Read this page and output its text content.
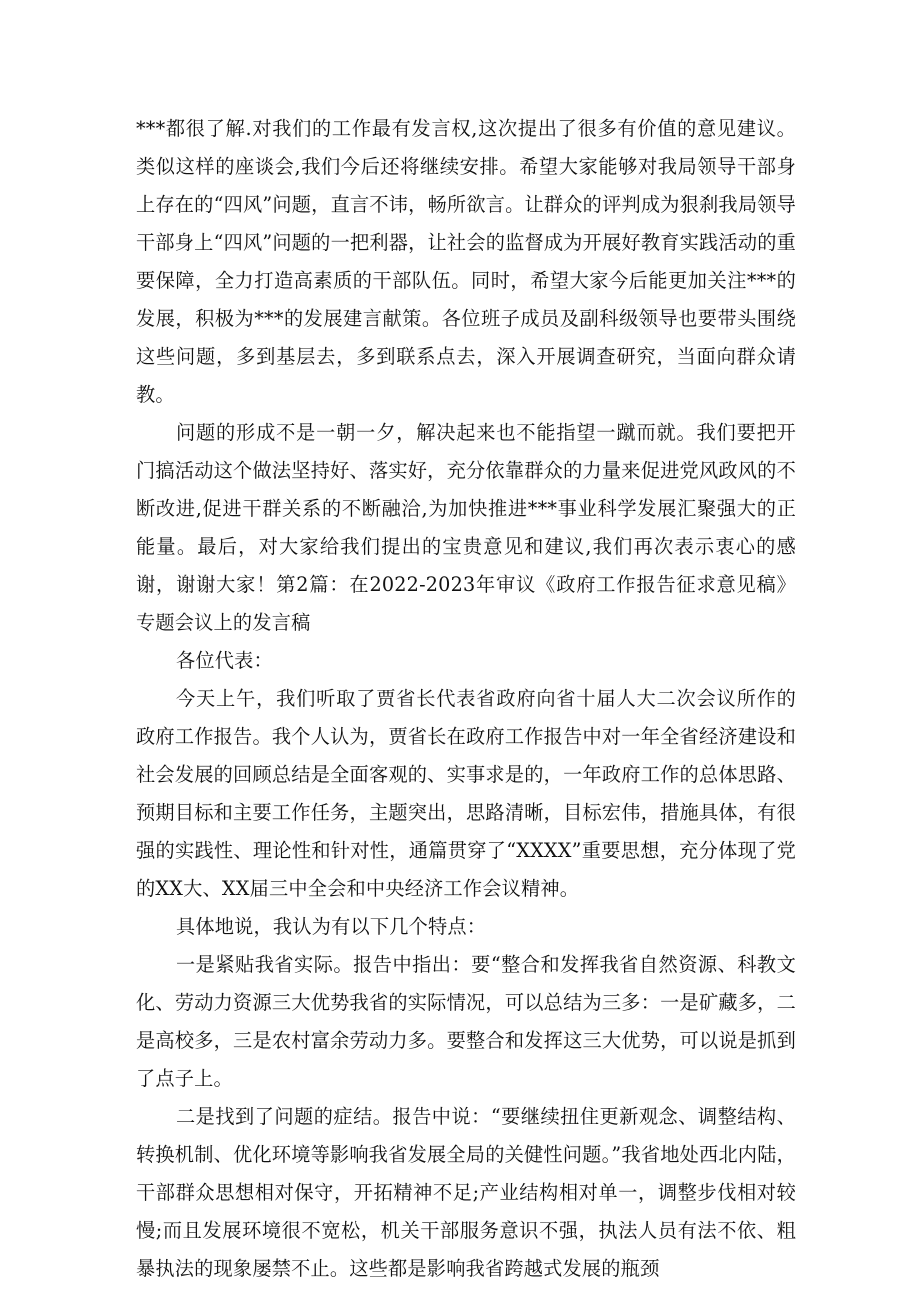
***都很了解.对我们的工作最有发言权,这次提出了很多有价值的意见建议。类似这样的座谈会,我们今后还将继续安排。希望大家能够对我局领导干部身上存在的“四风”问题，直言不讳，畅所欲言。让群众的评判成为狠刹我局领导干部身上“四风”问题的一把利器，让社会的监督成为开展好教育实践活动的重要保障，全力打造高素质的干部队伍。同时，希望大家今后能更加关注***的发展，积极为***的发展建言献策。各位班子成员及副科级领导也要带头围绕这些问题，多到基层去，多到联系点去，深入开展调查研究，当面向群众请教。

问题的形成不是一朝一夕，解决起来也不能指望一蹴而就。我们要把开门搞活动这个做法坚持好、落实好，充分依靠群众的力量来促进党风政风的不断改进,促进干群关系的不断融洽,为加快推进***事业科学发展汇聚强大的正能量。最后，对大家给我们提出的宝贵意见和建议,我们再次表示衷心的感谢，谢谢大家！第2篇：在2022-2023年审议《政府工作报告征求意见稿》专题会议上的发言稿

各位代表：

今天上午，我们听取了贾省长代表省政府向省十届人大二次会议所作的政府工作报告。我个人认为，贾省长在政府工作报告中对一年全省经济建设和社会发展的回顾总结是全面客观的、实事求是的，一年政府工作的总体思路、预期目标和主要工作任务，主题突出，思路清晰，目标宏伟，措施具体，有很强的实践性、理论性和针对性，通篇贯穿了“XXXX”重要思想，充分体现了党的XX大、XX届三中全会和中央经济工作会议精神。

具体地说，我认为有以下几个特点：

一是紧贴我省实际。报告中指出：要“整合和发挥我省自然资源、科教文化、劳动力资源三大优势我省的实际情况，可以总结为三多：一是矿藏多，二是高校多，三是农村富余劳动力多。要整合和发挥这三大优势，可以说是抓到了点子上。

二是找到了问题的症结。报告中说：“要继续扭住更新观念、调整结构、转换机制、优化环境等影响我省发展全局的关健性问题。”我省地处西北内陆，干部群众思想相对保守，开拓精神不足;产业结构相对单一，调整步伐相对较慢;而且发展环境很不宽松，机关干部服务意识不强，执法人员有法不依、粗暴执法的现象屡禁不止。这些都是影响我省跨越式发展的瓶颈
